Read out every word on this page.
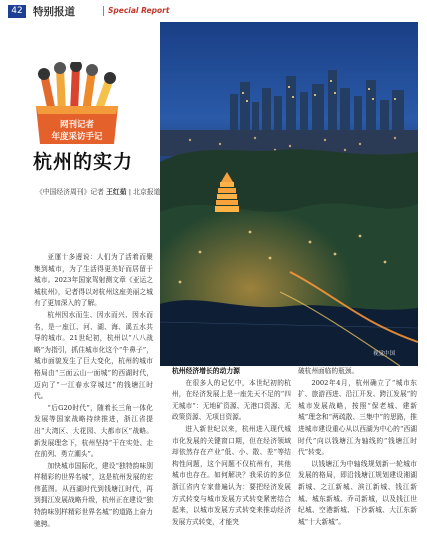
42 特别报道	Special Report
网刊记者
年度采访手记
杭州的实力
《中国经济周刊》记者 王红茹 | 北京报道
视觉中国

亚運十多邊说：人们为了活着而聚集到城市，为了生活得更美好而居留于城市。2023年国家驾射测文章《亚运之城杭州》，记者得以对杭州这座美丽之城有了更加深入的了解。

杭州因水而生、因水而兴、因水而名，是一座江、河、湖、海、溪五水共导的城市。21世纪初，杭州以“八八战略”为指引，抓住城市化这个“牛鼻子”，城市面貌发生了巨大变化，杭州的城市格局由“三面云山一面城”的西湖时代，迈向了“一江春水穿城过”的钱塘江时代。

“后G20时代”，随着长三角一体化发展等国家战略持续推进，浙江省提出“大湾区、大花园、大都市区”战略。新发展理念下，杭州坚持“干在实处、走在前列、勇立潮头”。

加快城市国际化，建设“独特韵味别样精彩的世界名城”，这是杭州发展的宏伟蓝图。从西湖时代到钱塘江时代，再到拥江发展战略升级，杭州正在建设“独特韵味别样精彩世界名城”的道路上奋力驰骋。

杭州经济增长的动力源

在很多人的记忆中，本世纪初的杭州，在经济发展上是一座先天不足的“四无城市”：无地矿资源、无港口资源、无政策资源、无项目资源。

进入新世纪以来，杭州进入现代城市化发展的关键窗口期，但在经济领域却依然存在产业“低、小、散、差”等结构性问题，这个问题不仅杭州有，其他城市也存在。如何解决？我采访的多位浙江省内专家普遍认为：要把经济发展方式转变与城市发展方式转变紧密结合起来，以城市发展方式转变来推动经济发展方式转变，才能突

破杭州面临的瓶颈。

2002年4月，杭州确立了“城市东扩、旅游西进、沿江开发、跨江发展”的城市发展战略，按照“保老城、建新城”理念和“两疏散、三集中”的思路，推进城市建设重心从以西湖为中心的“西湖时代”向以钱塘江为轴线的“钱塘江时代”转变。

以钱塘江为中轴线规划新一轮城市发展的格局，即沿钱塘江规划建设湘湖新城、之江新城、滨江新城、钱江新城、城东新城、乔司新城，以及钱江世纪城、空港新城、下沙新城、大江东新城“十大新城”。
